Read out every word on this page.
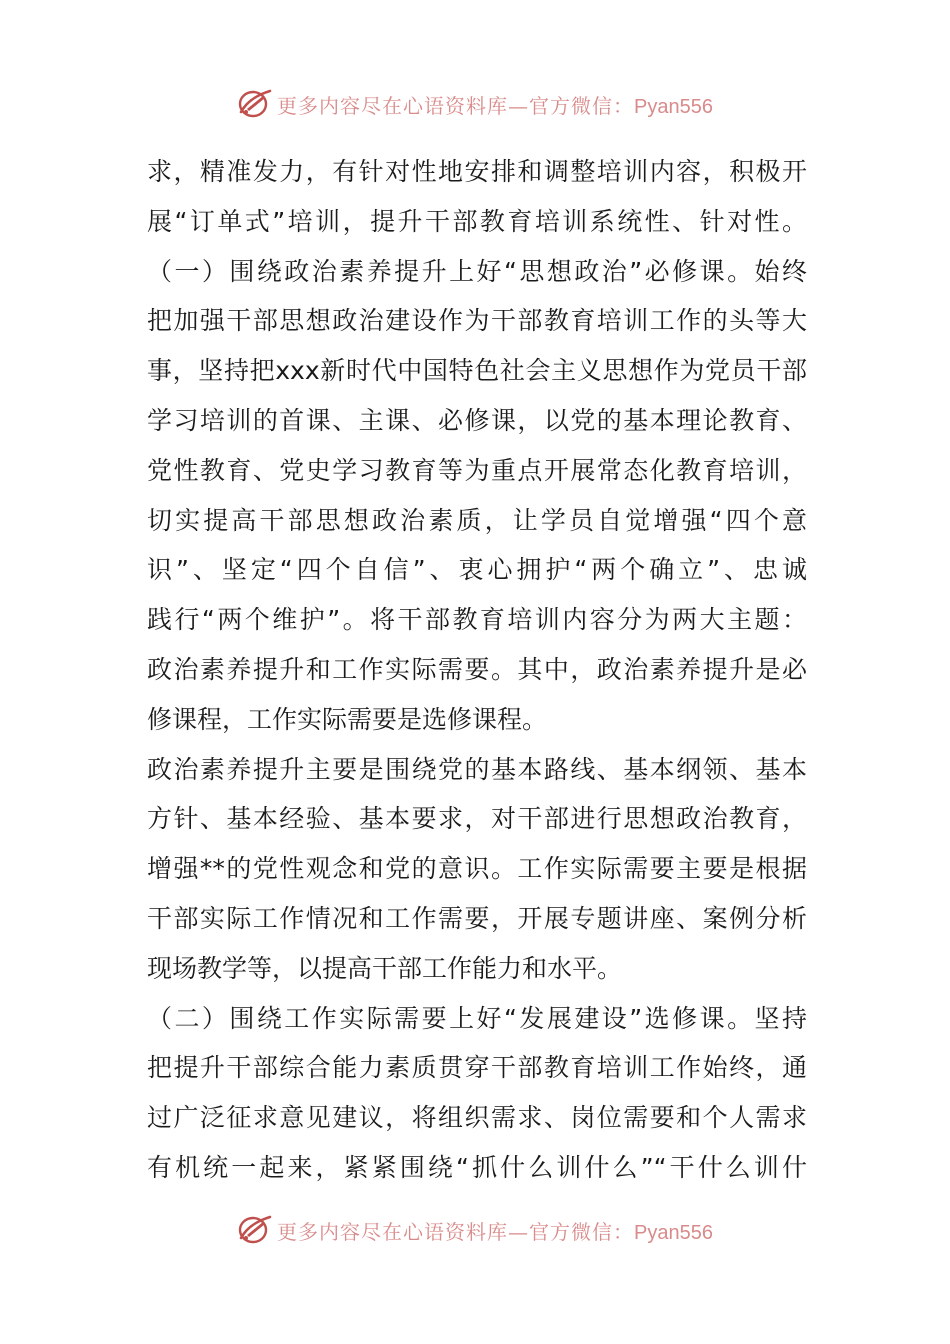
更多内容尽在心语资料库—官方微信：Pyan556
求，精准发力，有针对性地安排和调整培训内容，积极开
展“订单式”培训，提升干部教育培训系统性、针对性。
（一）围绕政治素养提升上好“思想政治”必修课。始终
把加强干部思想政治建设作为干部教育培训工作的头等大
事，坚持把xxx新时代中国特色社会主义思想作为党员干部
学习培训的首课、主课、必修课，以党的基本理论教育、
党性教育、党史学习教育等为重点开展常态化教育培训，
切实提高干部思想政治素质，让学员自觉增强“四个意
识”、坚定“四个自信”、衷心拥护“两个确立”、忠诚
践行“两个维护”。将干部教育培训内容分为两大主题：
政治素养提升和工作实际需要。其中，政治素养提升是必
修课程，工作实际需要是选修课程。
政治素养提升主要是围绕党的基本路线、基本纲领、基本
方针、基本经验、基本要求，对干部进行思想政治教育，
增强**的党性观念和党的意识。工作实际需要主要是根据
干部实际工作情况和工作需要，开展专题讲座、案例分析
现场教学等，以提高干部工作能力和水平。
（二）围绕工作实际需要上好“发展建设”选修课。坚持
把提升干部综合能力素质贯穿干部教育培训工作始终，通
过广泛征求意见建议，将组织需求、岗位需要和个人需求
有机统一起来，紧紧围绕“抓什么训什么”“干什么训什
更多内容尽在心语资料库—官方微信：Pyan556
